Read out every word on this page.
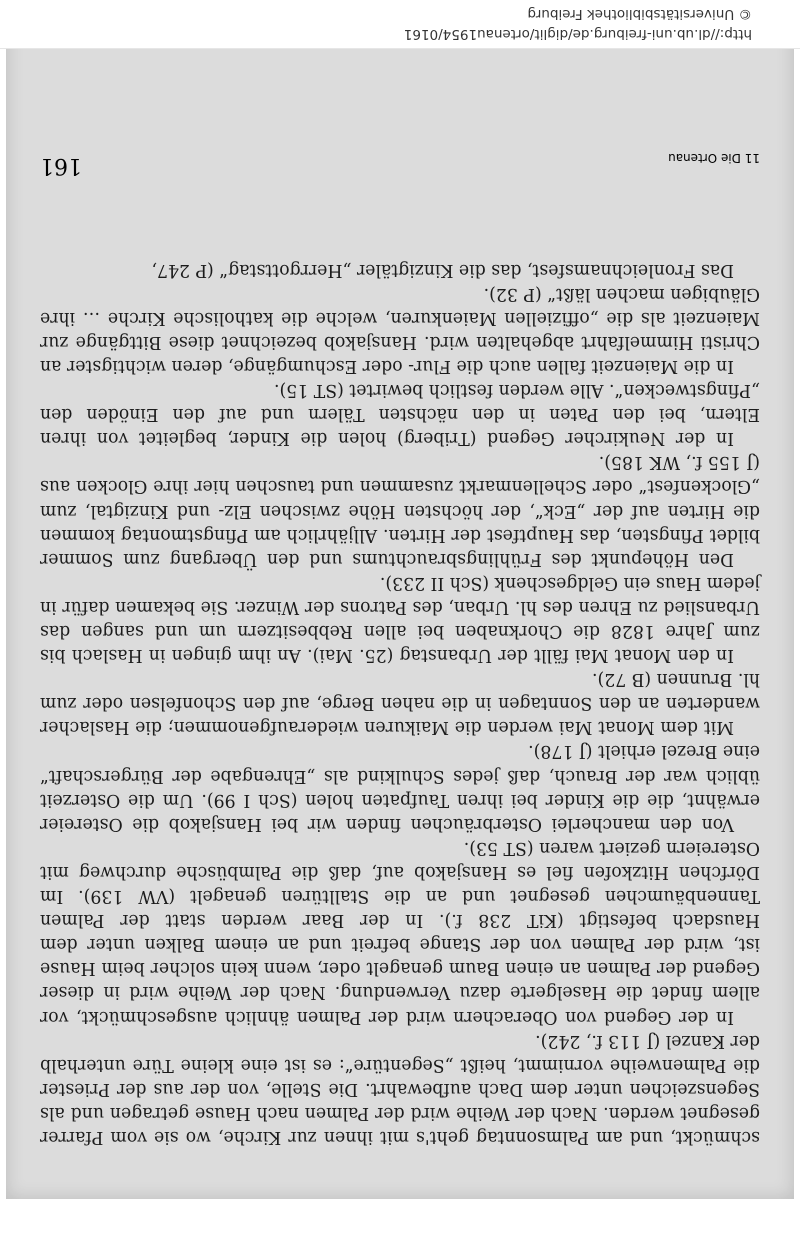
schmückt, und am Palmsonntag geht's mit ihnen zur Kirche, wo sie vom Pfarrer gesegnet werden. Nach der Weihe wird der Palmen nach Hause getragen und als Segenszeichen unter dem Dach aufbewahrt. Die Stelle, von der aus der Priester die Palmenweihe vornimmt, heißt „Segentüre“: es ist eine kleine Türe unterhalb der Kanzel (J 113 f., 242).

In der Gegend von Oberachern wird der Palmen ähnlich ausgeschmückt, vor allem findet die Haselgerte dazu Verwendung. Nach der Weihe wird in dieser Gegend der Palmen an einen Baum genagelt oder, wenn kein solcher beim Hause ist, wird der Palmen von der Stange befreit und an einem Balken unter dem Hausdach befestigt (KiT 238 f.). In der Baar werden statt der Palmen Tannenbäumchen gesegnet und an die Stalltüren genagelt (VW 139). Im Dörfchen Hitzkofen fiel es Hansjakob auf, daß die Palmbüsche durchweg mit Ostereiern geziert waren (ST 53).

Von den mancherlei Osterbräuchen finden wir bei Hansjakob die Ostereier erwähnt, die die Kinder bei ihren Taufpaten holen (Sch I 99). Um die Osterzeit üblich war der Brauch, daß jedes Schulkind als „Ehrengabe der Bürgerschaft“ eine Brezel erhielt (J 178).

Mit dem Monat Mai werden die Maikuren wiederaufgenommen; die Haslacher wanderten an den Sonntagen in die nahen Berge, auf den Schonfelsen oder zum hl. Brunnen (B 72).

In den Monat Mai fällt der Urbanstag (25. Mai). An ihm gingen in Haslach bis zum Jahre 1828 die Chorknaben bei allen Rebbesitzern um und sangen das Urbanslied zu Ehren des hl. Urban, des Patrons der Winzer. Sie bekamen dafür in jedem Haus ein Geldgeschenk (Sch II 233).

Den Höhepunkt des Frühlingsbrauchtums und den Übergang zum Sommer bildet Pfingsten, das Hauptfest der Hirten. Alljährlich am Pfingstmontag kommen die Hirten auf der „Eck“, der höchsten Höhe zwischen Elz- und Kinzigtal, zum „Glockenfest“ oder Schellenmarkt zusammen und tauschen hier ihre Glocken aus (J 155 f., WK 185).

In der Neukircher Gegend (Triberg) holen die Kinder, begleitet von ihren Eltern, bei den Paten in den nächsten Tälern und auf den Einöden den „Pfingstwecken“. Alle werden festlich bewirtet (ST 15).

In die Maienzeit fallen auch die Flur- oder Eschumgänge, deren wichtigster an Christi Himmelfahrt abgehalten wird. Hansjakob bezeichnet diese Bittgänge zur Maienzeit als die „offiziellen Maienkuren, welche die katholische Kirche … ihre Gläubigen machen läßt“ (P 32).

Das Fronleichnamsfest, das die Kinzigtäler „Herrgottstag“ (P 247,

11 Die Ortenau
161
http://dl.ub.uni-freiburg.de/diglit/ortenau1954/0161
© Universitätsbibliothek Freiburg
